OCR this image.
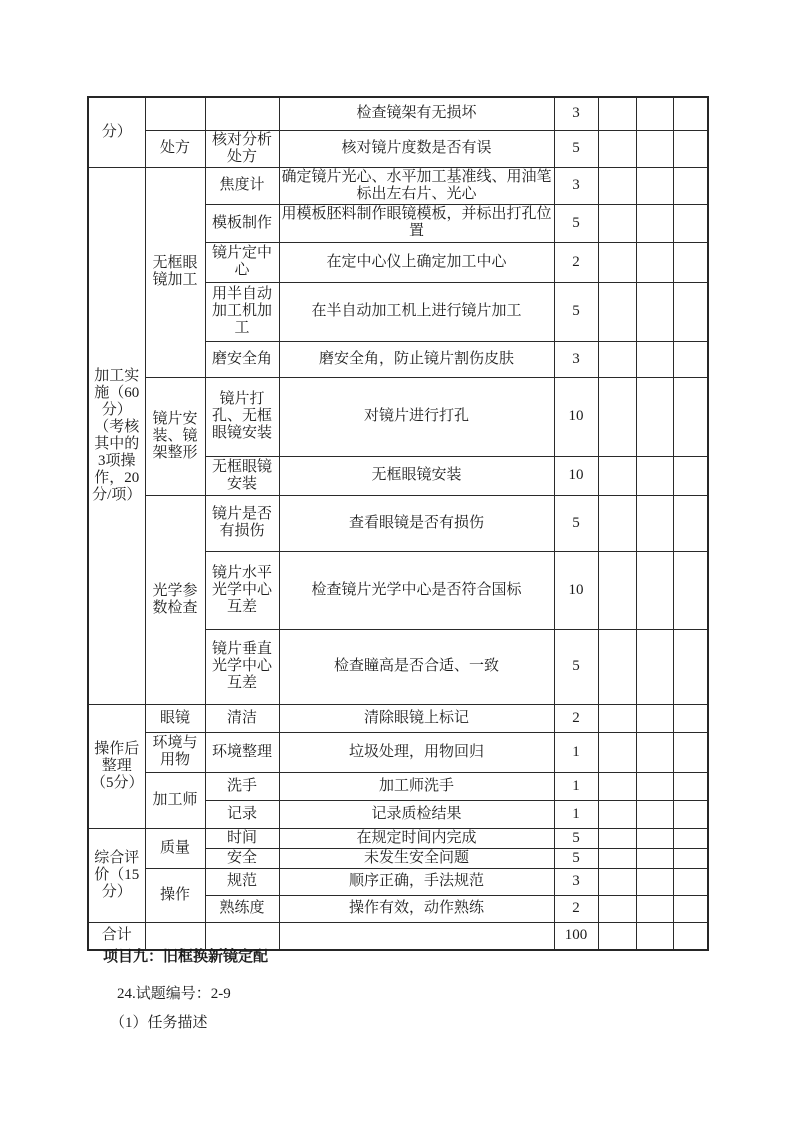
分）			检查镜架有无损坏	3			
	处方	核对分析处方	核对镜片度数是否有误	5			
加工实施（60分）（考核其中的3项操作，20分/项）	无框眼镜加工	焦度计	确定镜片光心、水平加工基准线、用油笔标出左右片、光心	3			
		模板制作	用模板胚料制作眼镜模板，并标出打孔位置	5			
		镜片定中心	在定中心仪上确定加工中心	2			
		用半自动加工机加工	在半自动加工机上进行镜片加工	5			
		磨安全角	磨安全角，防止镜片割伤皮肤	3			
	镜片安装、镜架整形	镜片打孔、无框眼镜安装	对镜片进行打孔	10			
		无框眼镜安装	无框眼镜安装	10			
	光学参数检查	镜片是否有损伤	查看眼镜是否有损伤	5			
		镜片水平光学中心互差	检查镜片光学中心是否符合国标	10			
		镜片垂直光学中心互差	检查瞳高是否合适、一致	5			
操作后整理（5分）	眼镜	清洁	清除眼镜上标记	2			
	环境与用物	环境整理	垃圾处理，用物回归	1			
	加工师	洗手	加工师洗手	1			
		记录	记录质检结果	1			
综合评价（15分）	质量	时间	在规定时间内完成	5			
		安全	未发生安全问题	5			
	操作	规范	顺序正确，手法规范	3			
		熟练度	操作有效，动作熟练	2			
合计				100			
项目九：旧框换新镜定配
24.试题编号：2-9
（1）任务描述
